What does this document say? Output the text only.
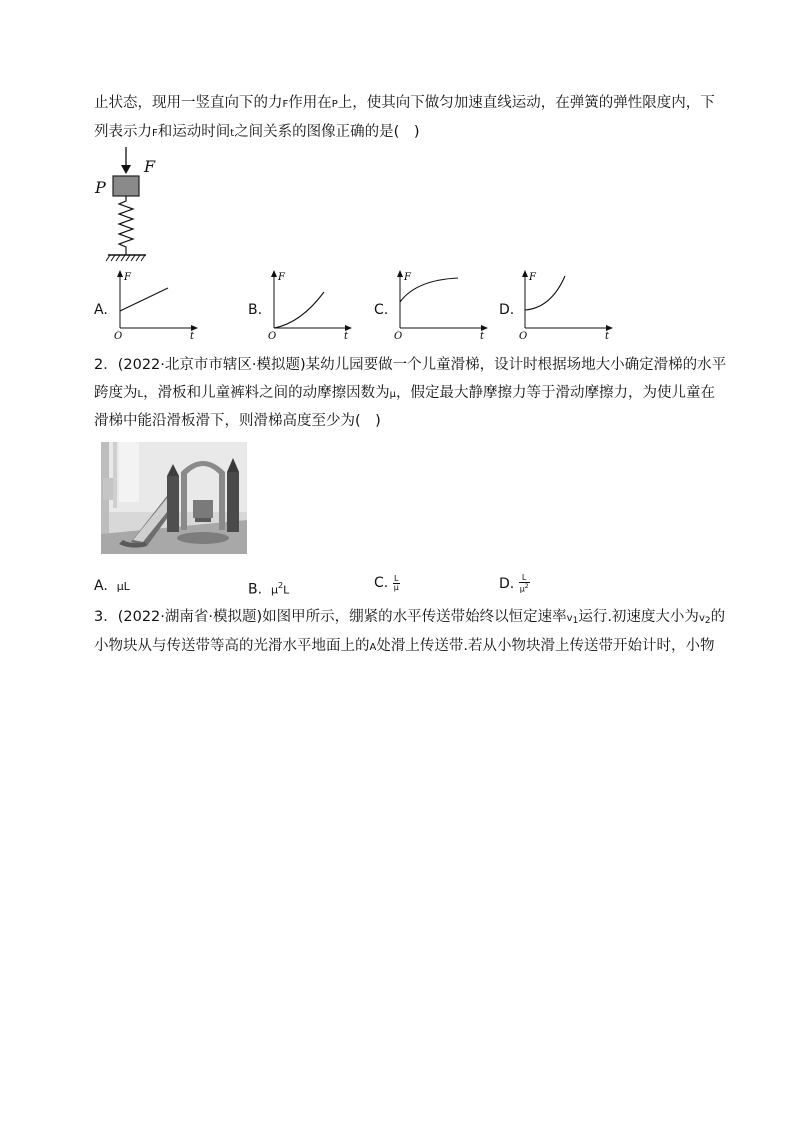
止状态，现用一竖直向下的力F作用在P上，使其向下做匀加速直线运动，在弹簧的弹性限度内，下
列表示力F和运动时间t之间关系的图像正确的是(　)
F
P
A.
F
t
O
B.
F
t
O
C.
F
t
O
D.
F
t
O
2．(2022·北京市市辖区·模拟题)某幼儿园要做一个儿童滑梯，设计时根据场地大小确定滑梯的水平
跨度为L，滑板和儿童裤料之间的动摩擦因数为μ，假定最大静摩擦力等于滑动摩擦力，为使儿童在
滑梯中能沿滑板滑下，则滑梯高度至少为(　)
A. μL	B. $\mu^2L$	C. $\frac{L}{\mu}$	D. $\frac{L}{\mu^2}$
3．(2022·湖南省·模拟题)如图甲所示，绷紧的水平传送带始终以恒定速率$v_1$运行.初速度大小为$v_2$的
小物块从与传送带等高的光滑水平地面上的A处滑上传送带.若从小物块滑上传送带开始计时，小物
